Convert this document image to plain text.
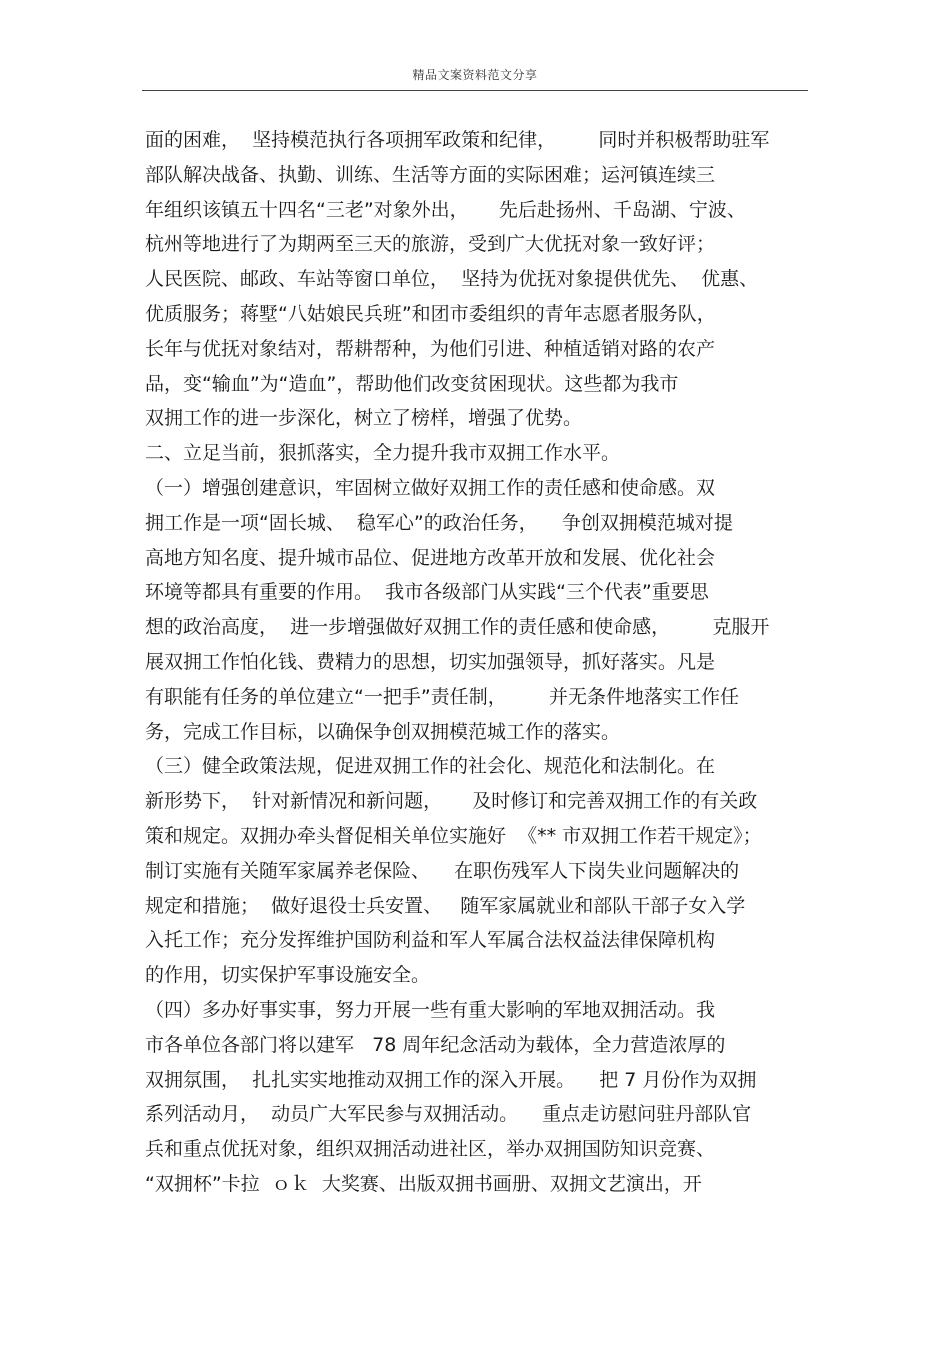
精品文案资料范文分享
面的困难，  坚持模范执行各项拥军政策和纪律，       同时并积极帮助驻军
部队解决战备、执勤、训练、生活等方面的实际困难；运河镇连续三
年组织该镇五十四名“三老”对象外出，     先后赴扬州、千岛湖、宁波、
杭州等地进行了为期两至三天的旅游，受到广大优抚对象一致好评；
人民医院、邮政、车站等窗口单位，  坚持为优抚对象提供优先、  优惠、
优质服务；蒋墅“八姑娘民兵班”和团市委组织的青年志愿者服务队，
长年与优抚对象结对，帮耕帮种，为他们引进、种植适销对路的农产
品，变“输血”为“造血”，帮助他们改变贫困现状。这些都为我市
双拥工作的进一步深化，树立了榜样，增强了优势。
二、立足当前，狠抓落实，全力提升我市双拥工作水平。
（一）增强创建意识，牢固树立做好双拥工作的责任感和使命感。双
拥工作是一项“固长城、  稳军心”的政治任务，    争创双拥模范城对提
高地方知名度、提升城市品位、促进地方改革开放和发展、优化社会
环境等都具有重要的作用。  我市各级部门从实践“三个代表”重要思
想的政治高度，  进一步增强做好双拥工作的责任感和使命感，       克服开
展双拥工作怕化钱、费精力的思想，切实加强领导，抓好落实。凡是
有职能有任务的单位建立“一把手”责任制，       并无条件地落实工作任
务，完成工作目标，以确保争创双拥模范城工作的落实。
（三）健全政策法规，促进双拥工作的社会化、规范化和法制化。在
新形势下，  针对新情况和新问题，     及时修订和完善双拥工作的有关政
策和规定。双拥办牵头督促相关单位实施好  《** 市双拥工作若干规定》；
制订实施有关随军家属养老保险、    在职伤残军人下岗失业问题解决的
规定和措施；  做好退役士兵安置、   随军家属就业和部队干部子女入学
入托工作；充分发挥维护国防利益和军人军属合法权益法律保障机构
的作用，切实保护军事设施安全。
（四）多办好事实事，努力开展一些有重大影响的军地双拥活动。我
市各单位各部门将以建军   78 周年纪念活动为载体，全力营造浓厚的
双拥氛围，  扎扎实实地推动双拥工作的深入开展。    把 7 月份作为双拥
系列活动月，  动员广大军民参与双拥活动。    重点走访慰问驻丹部队官
兵和重点优抚对象，组织双拥活动进社区，举办双拥国防知识竞赛、
“双拥杯”卡拉  ｏｋ  大奖赛、出版双拥书画册、双拥文艺演出，开
